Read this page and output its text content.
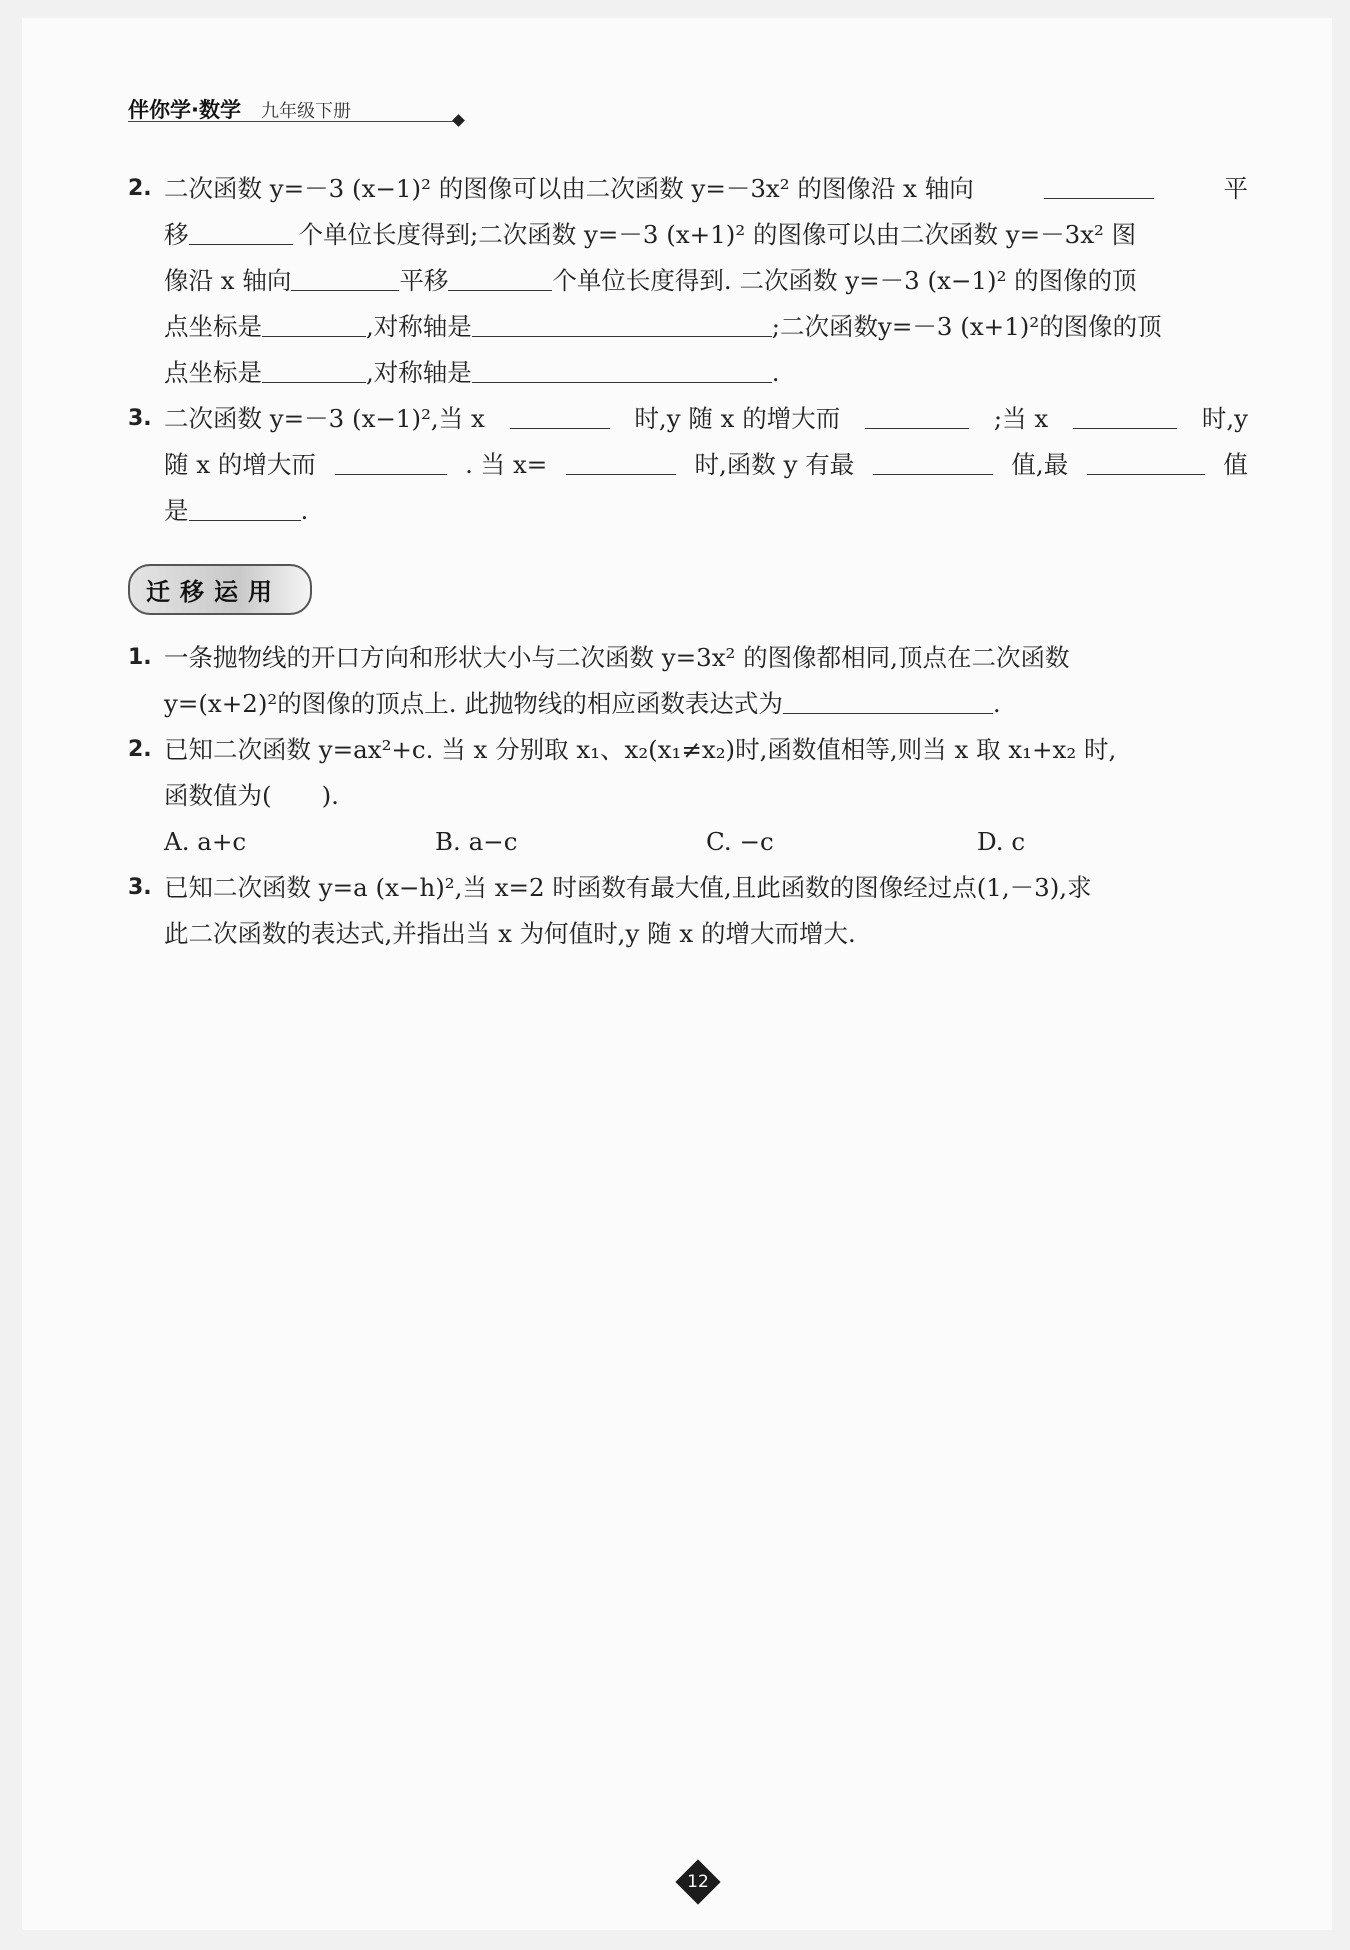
伴你学·数学 九年级下册
2. 二次函数 y=－3 (x−1)² 的图像可以由二次函数 y=－3x² 的图像沿 x 轴向	平
移	个单位长度得到;二次函数 y=－3 (x+1)² 的图像可以由二次函数 y=－3x² 图
像沿 x 轴向	平移	个单位长度得到. 二次函数 y=－3 (x−1)² 的图像的顶
点坐标是	,对称轴是	;二次函数y=－3 (x+1)²的图像的顶
点坐标是	,对称轴是	.
3. 二次函数 y=－3 (x−1)²,当 x	时,y 随 x 的增大而	;当 x	时,y
随 x 的增大而	. 当 x=	时,函数 y 有最	值,最	值
是	.
迁移运用
1. 一条抛物线的开口方向和形状大小与二次函数 y=3x² 的图像都相同,顶点在二次函数
y=(x+2)²的图像的顶点上. 此抛物线的相应函数表达式为	.
2. 已知二次函数 y=ax²+c. 当 x 分别取 x₁、x₂(x₁≠x₂)时,函数值相等,则当 x 取 x₁+x₂ 时,
函数值为( ).
A. a+c	B. a−c	C. −c	D. c
3. 已知二次函数 y=a (x−h)²,当 x=2 时函数有最大值,且此函数的图像经过点(1,－3),求
此二次函数的表达式,并指出当 x 为何值时,y 随 x 的增大而增大.
12
